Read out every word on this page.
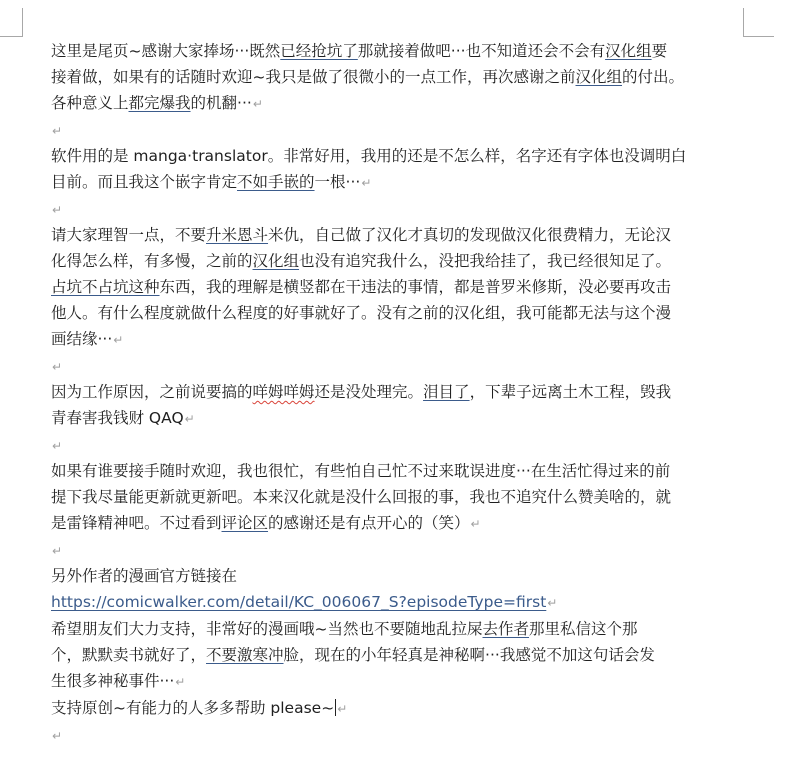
这里是尾页~感谢大家捧场···既然已经抢坑了那就接着做吧···也不知道还会不会有汉化组要
接着做，如果有的话随时欢迎~我只是做了很微小的一点工作，再次感谢之前汉化组的付出。
各种意义上都完爆我的机翻···↵
↵
软件用的是 manga·translator。非常好用，我用的还是不怎么样，名字还有字体也没调明白
目前。而且我这个嵌字肯定不如手嵌的一根···↵
↵
请大家理智一点，不要升米恩斗米仇，自己做了汉化才真切的发现做汉化很费精力，无论汉
化得怎么样，有多慢，之前的汉化组也没有追究我什么，没把我给挂了，我已经很知足了。
占坑不占坑这种东西，我的理解是横竖都在干违法的事情，都是普罗米修斯，没必要再攻击
他人。有什么程度就做什么程度的好事就好了。没有之前的汉化组，我可能都无法与这个漫
画结缘···↵
↵
因为工作原因，之前说要搞的咩姆咩姆还是没处理完。泪目了，下辈子远离土木工程，毁我
青春害我钱财 QAQ↵
↵
如果有谁要接手随时欢迎，我也很忙，有些怕自己忙不过来耽误进度···在生活忙得过来的前
提下我尽量能更新就更新吧。本来汉化就是没什么回报的事，我也不追究什么赞美啥的，就
是雷锋精神吧。不过看到评论区的感谢还是有点开心的（笑）↵
↵
另外作者的漫画官方链接在
https://comicwalker.com/detail/KC_006067_S?episodeType=first↵
希望朋友们大力支持，非常好的漫画哦~当然也不要随地乱拉屎去作者那里私信这个那
个，默默卖书就好了，不要激寒冲脸，现在的小年轻真是神秘啊···我感觉不加这句话会发
生很多神秘事件···↵
支持原创~有能力的人多多帮助 please~ ↵
↵
